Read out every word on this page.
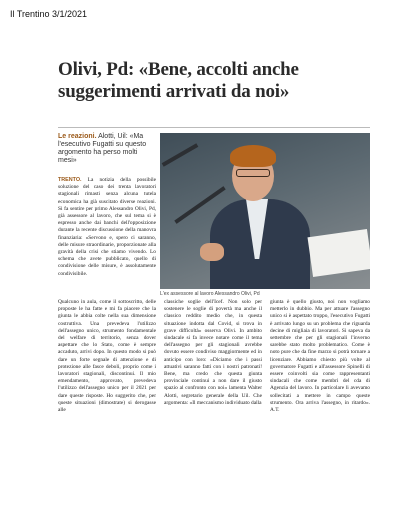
Il Trentino 3/1/2021
Olivi, Pd: «Bene, accolti anche suggerimenti arrivati da noi»
Le reazioni. Alotti, Uil: «Ma l'esecutivo Fugatti su questo argomento ha perso molti mesi»
L'ex assessore al lavoro Alessandro Olivi, Pd
TRENTO. La notizia della possibile soluzione del caso dei trenta lavoratori stagionali rimasti senza alcuna tutela economica ha già suscitato diverse reazioni. Si fa sentire per primo Alessandro Olivi, Pd, già assessore al lavoro, che sul tema si è espresso anche dai banchi dell'opposizione durante la recente discussione della manovra finanziaria: «Servono e, spero ci saranno, delle misure straordinarie, proporzionate alla gravità della crisi che stiamo vivendo. Lo schema che avete pubblicato, quello di condivisione delle misure, è assolutamente condivisibile.
Qualcuno in aula, come il sottoscritto, delle proposte le ha fatte e mi fa piacere che la giunta le abbia colte nella sua dimensione costruttiva. Una prevedeva l'utilizzo dell'assegno unico, strumento fondamentale del welfare di territorio, senza dover aspettare che lo Stato, come è sempre accaduto, arrivi dopo. In questo modo si può dare un forte segnale di attenzione e di protezione alle fasce deboli, proprio come i lavoratori stagionali, discontinui. Il mio emendamento, approvato, prevedeva l'utilizzo dell'assegno unico per il 2021 per dare queste risposte. Ho suggerito che, per queste situazioni (dimostrate) si derogasse alle
classiche soglie dell'Icef. Non solo per sostenere le soglie di povertà ma anche il classico reddito medio che, in questa situazione indotta dal Covid, si trova in grave difficoltà» osserva Olivi. In ambito sindacale si fa invece notare come il tema dell'assegno per gli stagionali avrebbe dovuto essere condiviso maggiormente ed in anticipo con loro: «Diciamo che i passi attuativi saranno fatti con i nostri patronati! Bene, ma credo che questa giunta provinciale continui a non dare il giusto spazio al confronto con noi» lamenta Walter Alotti, segretario generale della Uil. Che argomenta: «Il meccanismo individuato dalla
giunta è quello giusto, noi non vogliamo metterlo in dubbio. Ma per attuare l'assegno unico si è aspettato troppo, l'esecutivo Fugatti è arrivato lungo su un problema che riguarda decine di migliaia di lavoratori. Si sapeva da settembre che per gli stagionali l'inverno sarebbe stato molto problematico. Come è noto pure che da fine marzo si potrà tornare a licenziare. Abbiamo chiesto più volte al governatore Fugatti e all'assessore Spinelli di essere coinvolti sia come rappresentanti sindacali che come membri del cda di Agenzia del lavoro. In particolare li avevamo sollecitati a mettere in campo queste strumento. Ora arriva l'assegno, in ritardo». A.T.
